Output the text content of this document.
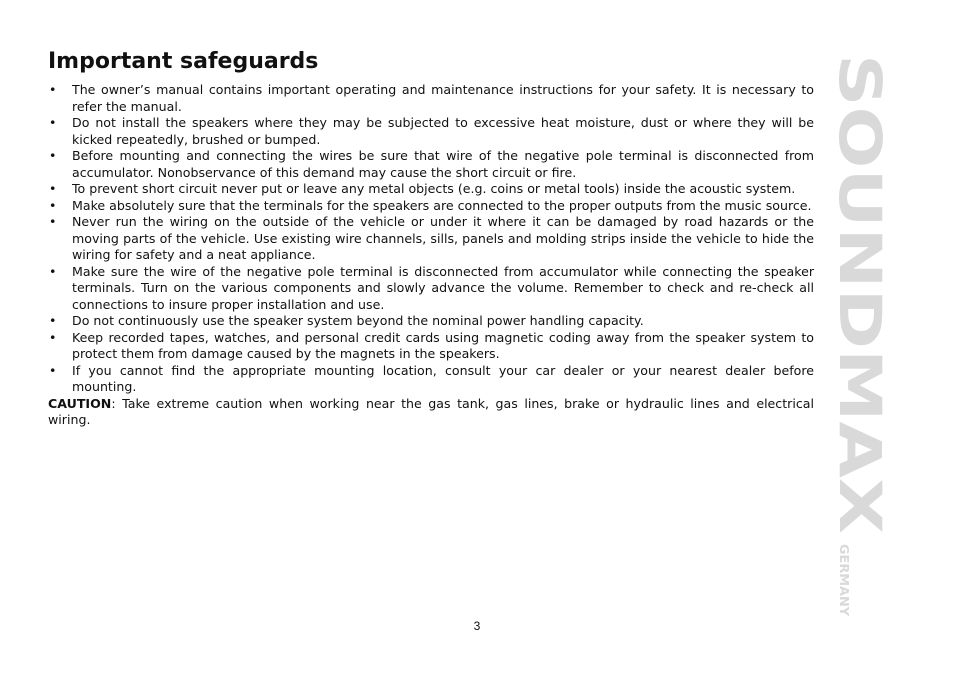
Important safeguards
• The owner’s manual contains important operating and maintenance instructions for your safety. It is necessary to refer the manual.
• Do not install the speakers where they may be subjected to excessive heat moisture, dust or where they will be kicked repeatedly, brushed or bumped.
• Before mounting and connecting the wires be sure that wire of the negative pole terminal is disconnected from accumulator. Nonobservance of this demand may cause the short circuit or fire.
• To prevent short circuit never put or leave any metal objects (e.g. coins or metal tools) inside the acoustic system.
• Make absolutely sure that the terminals for the speakers are connected to the proper outputs from the music source.
• Never run the wiring on the outside of the vehicle or under it where it can be damaged by road hazards or the moving parts of the vehicle. Use existing wire channels, sills, panels and molding strips inside the vehicle to hide the wiring for safety and a neat appliance.
• Make sure the wire of the negative pole terminal is disconnected from accumulator while connecting the speaker terminals. Turn on the various components and slowly advance the volume. Remember to check and re-check all connections to insure proper installation and use.
• Do not continuously use the speaker system beyond the nominal power handling capacity.
• Keep recorded tapes, watches, and personal credit cards using magnetic coding away from the speaker system to protect them from damage caused by the magnets in the speakers.
• If you cannot find the appropriate mounting location, consult your car dealer or your nearest dealer before mounting.

CAUTION: Take extreme caution when working near the gas tank, gas lines, brake or hydraulic lines and electrical wiring.	SOUNDMAX
GERMANY
3
